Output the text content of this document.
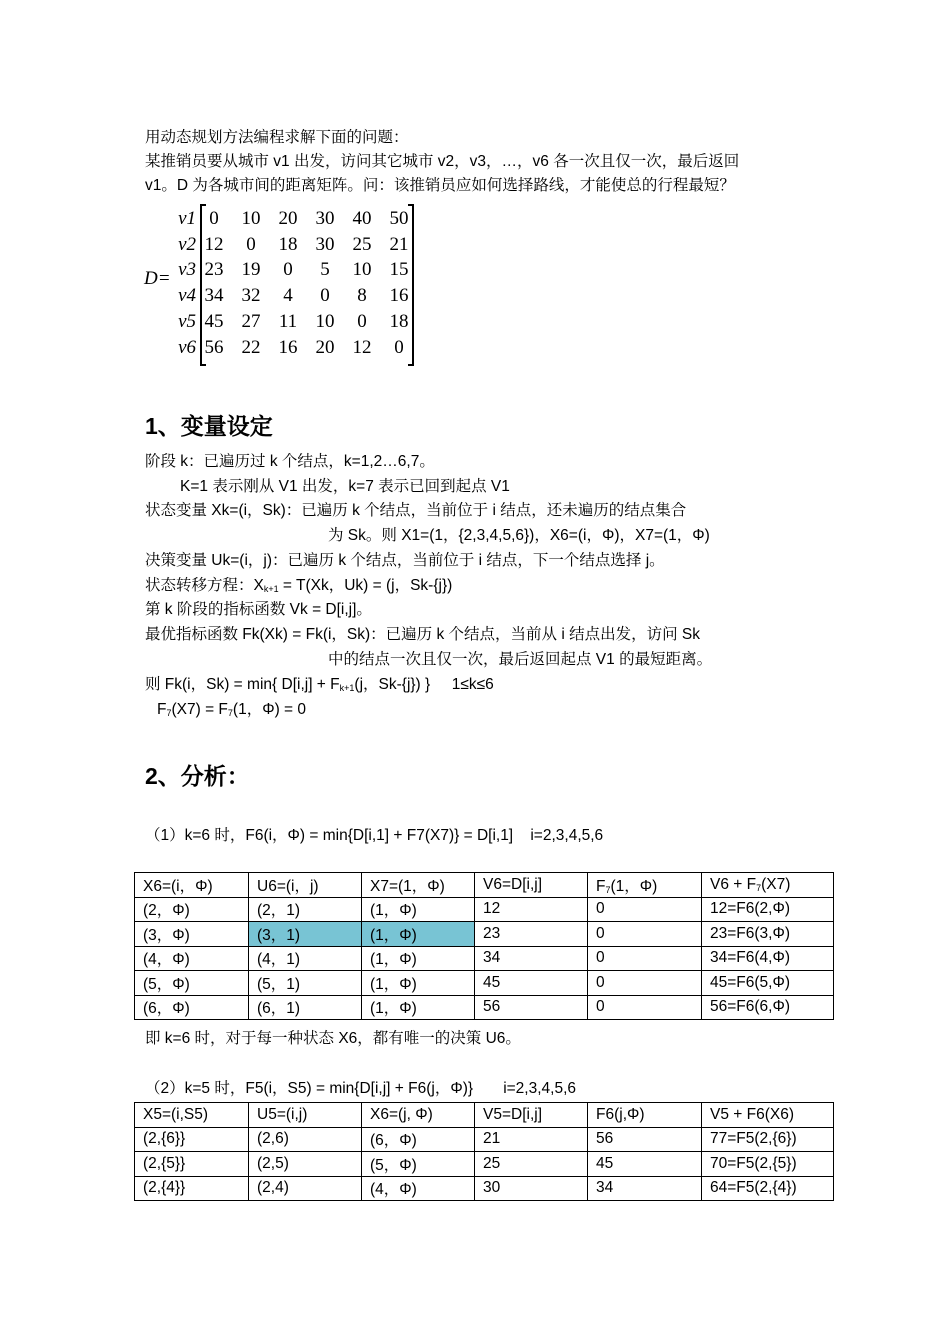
用动态规划方法编程求解下面的问题：
某推销员要从城市 v1 出发，访问其它城市 v2，v3，…，v6 各一次且仅一次，最后返回
v1。D 为各城市间的距离矩阵。问：该推销员应如何选择路线，才能使总的行程最短？
D=
v1 0	10 20 30 40 50
v2 12	0	18 30 25 21
v3 23 19	0	5	10 15
v4 34 32	4	0	8	16
v5 45 27 11 10	0	18
v6 56 22 16 20 12	0
1、变量设定
阶段 k：已遍历过 k 个结点，k=1,2…6,7。
K=1 表示刚从 V1 出发，k=7 表示已回到起点 V1
状态变量 Xk=(i，Sk)：已遍历 k 个结点，当前位于 i 结点，还未遍历的结点集合
为 Sk。则 X1=(1，{2,3,4,5,6})，X6=(i，Φ)，X7=(1，Φ)
决策变量 Uk=(i，j)：已遍历 k 个结点，当前位于 i 结点，下一个结点选择 j。
状态转移方程：$X_{k+1} = T(Xk$，Uk) = (j，Sk-{j})
第 k 阶段的指标函数 Vk = D[i,j]。
最优指标函数 Fk(Xk) = Fk(i，Sk)：已遍历 k 个结点，当前从 i 结点出发，访问 Sk
中的结点一次且仅一次，最后返回起点 V1 的最短距离。
则 Fk(i，Sk) = min{ $D[i,j] + F_{k+1}(j$，Sk-{j}) }     1≤k≤6
$F_7(X7) = F_7(1$，Φ) = 0
2、分析：
（1）k=6 时，F6(i，Φ) = min{D[i,1] + F7(X7)} = D[i,1]    i=2,3,4,5,6
X6=(i，Φ)	U6=(i，j)	X7=(1，Φ)	V6=D[i,j]	$F_7(1$，Φ)	$V6 + F_7(X7)$
(2，Φ)	(2，1)	(1，Φ)	12	0	12=F6(2,Φ)
(3，Φ)	(3，1)	(1，Φ)	23	0	23=F6(3,Φ)
(4，Φ)	(4，1)	(1，Φ)	34	0	34=F6(4,Φ)
(5，Φ)	(5，1)	(1，Φ)	45	0	45=F6(5,Φ)
(6，Φ)	(6，1)	(1，Φ)	56	0	56=F6(6,Φ)
即 k=6 时，对于每一种状态 X6，都有唯一的决策 U6。
（2）k=5 时，F5(i，S5) = min{D[i,j] + F6(j，Φ)}       i=2,3,4,5,6
X5=(i,S5)	U5=(i,j)	X6=(j, Φ)	V5=D[i,j]	F6(j,Φ)	V5 + F6(X6)
(2,{6}}	(2,6)	(6，Φ)	21	56	77=F5(2,{6})
(2,{5}}	(2,5)	(5，Φ)	25	45	70=F5(2,{5})
(2,{4}}	(2,4)	(4，Φ)	30	34	64=F5(2,{4})
